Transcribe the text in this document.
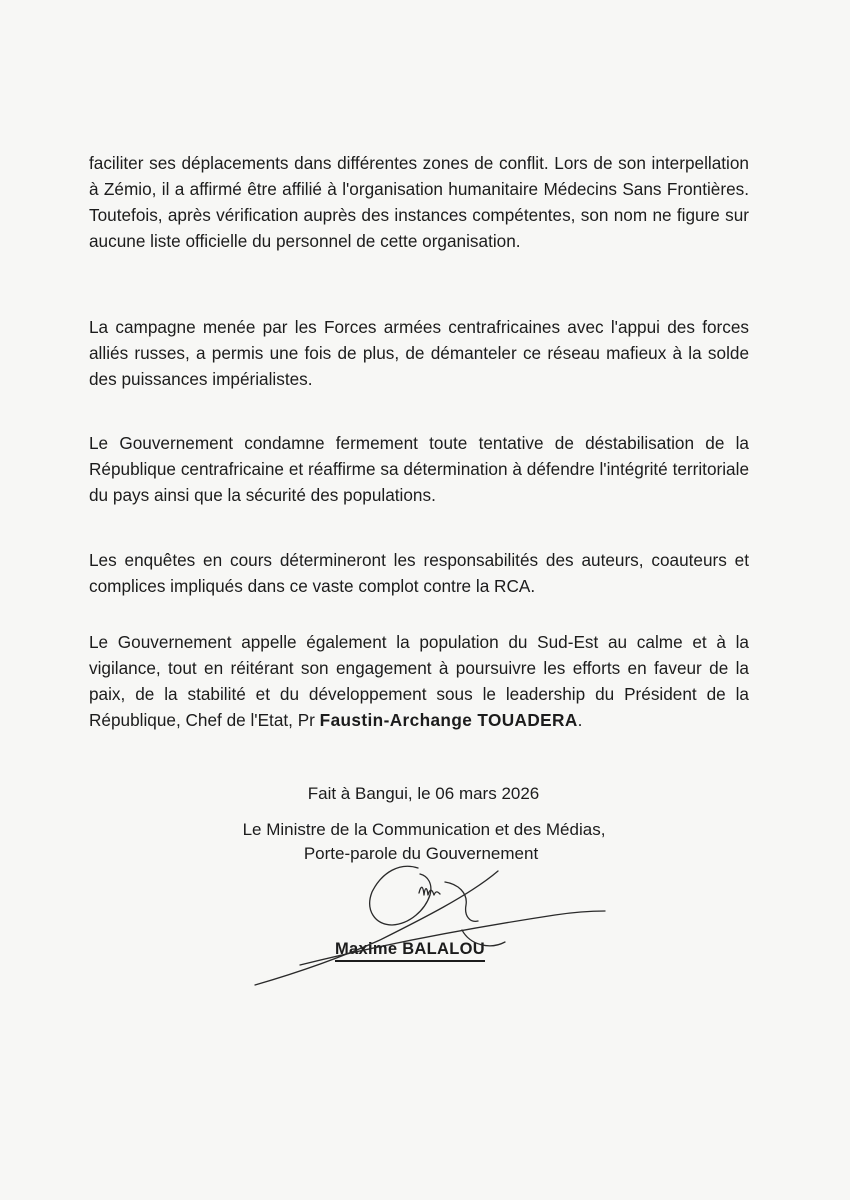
faciliter ses déplacements dans différentes zones de conflit. Lors de son interpellation à Zémio, il a affirmé être affilié à l'organisation humanitaire Médecins Sans Frontières. Toutefois, après vérification auprès des instances compétentes, son nom ne figure sur aucune liste officielle du personnel de cette organisation.

La campagne menée par les Forces armées centrafricaines avec l'appui des forces alliés russes, a permis une fois de plus, de démanteler ce réseau mafieux à la solde des puissances impérialistes.

Le Gouvernement condamne fermement toute tentative de déstabilisation de la République centrafricaine et réaffirme sa détermination à défendre l'intégrité territoriale du pays ainsi que la sécurité des populations.

Les enquêtes en cours détermineront les responsabilités des auteurs, coauteurs et complices impliqués dans ce vaste complot contre la RCA.

Le Gouvernement appelle également la population du Sud-Est au calme et à la vigilance, tout en réitérant son engagement à poursuivre les efforts en faveur de la paix, de la stabilité et du développement sous le leadership du Président de la République, Chef de l'Etat, Pr Faustin-Archange TOUADERA.

Fait à Bangui, le 06 mars 2026
Le Ministre de la Communication et des Médias,
Porte-parole du Gouvernement
Maxime BALALOU
